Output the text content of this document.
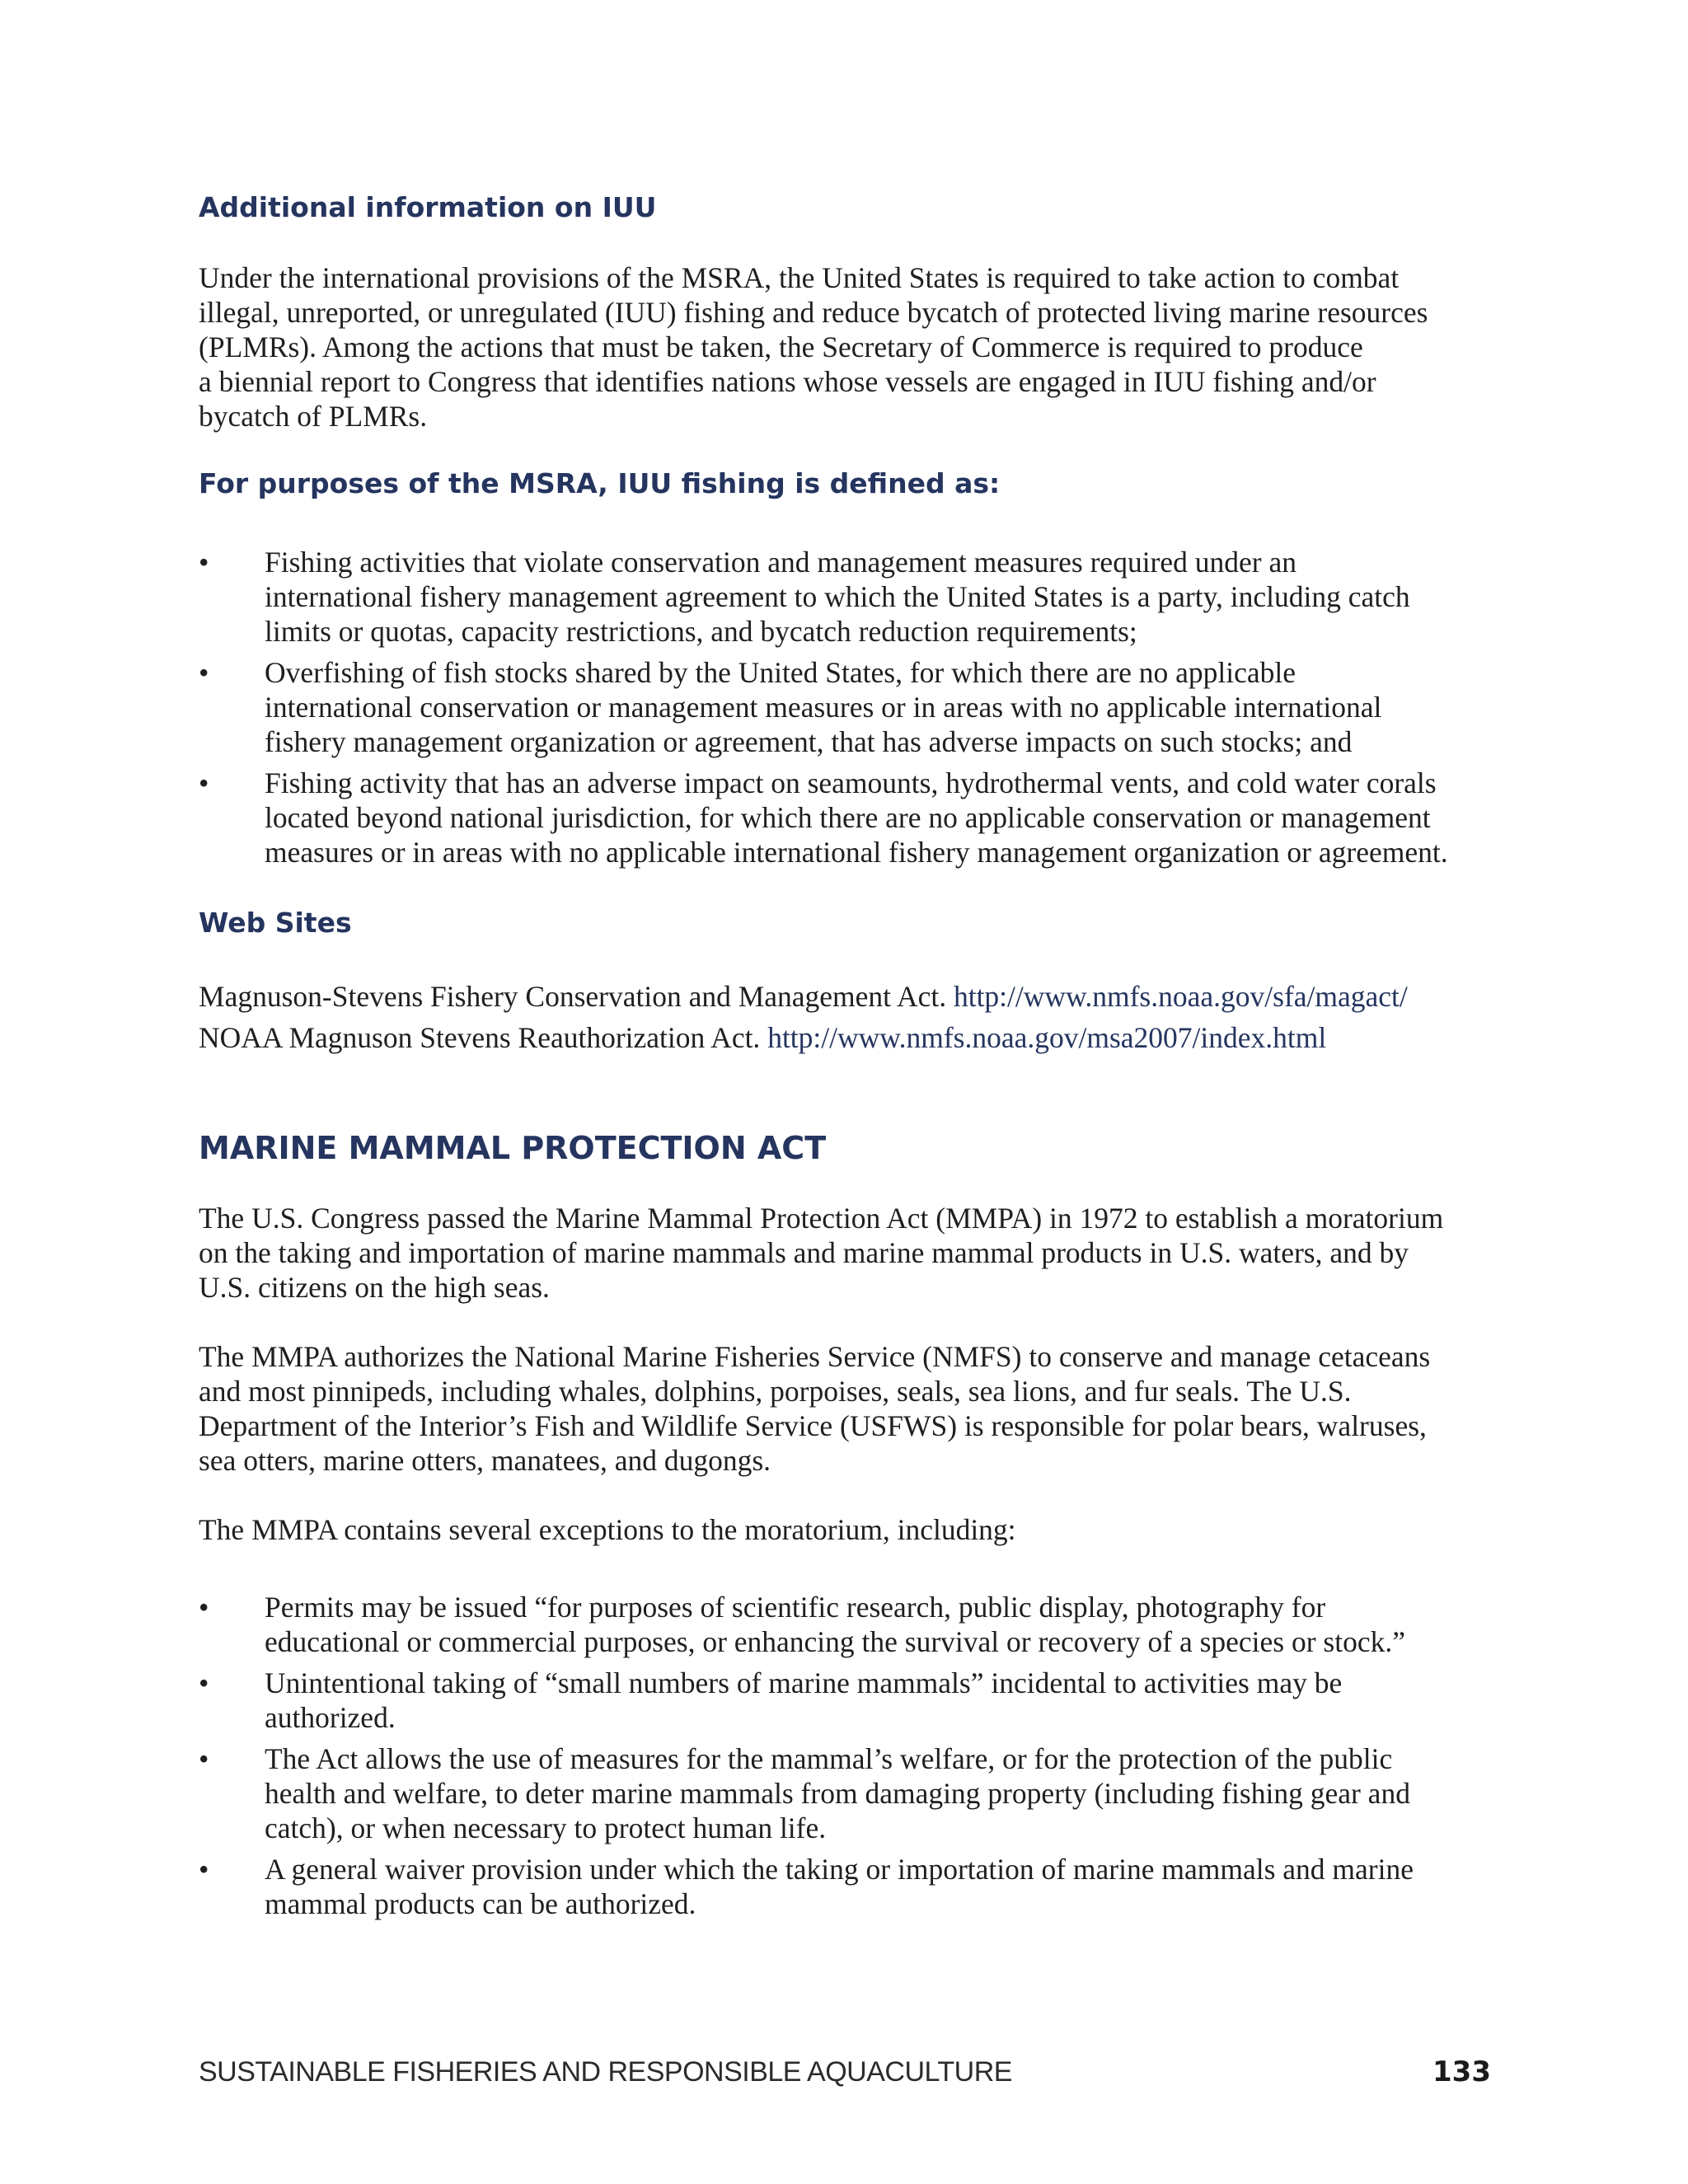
Additional information on IUU

Under the international provisions of the MSRA, the United States is required to take action to combat
illegal, unreported, or unregulated (IUU) fishing and reduce bycatch of protected living marine resources
(PLMRs). Among the actions that must be taken, the Secretary of Commerce is required to produce
a biennial report to Congress that identifies nations whose vessels are engaged in IUU fishing and/or
bycatch of PLMRs.

For purposes of the MSRA, IUU fishing is defined as:
• Fishing activities that violate conservation and management measures required under an
international fishery management agreement to which the United States is a party, including catch
limits or quotas, capacity restrictions, and bycatch reduction requirements;
• Overfishing of fish stocks shared by the United States, for which there are no applicable
international conservation or management measures or in areas with no applicable international
fishery management organization or agreement, that has adverse impacts on such stocks; and
• Fishing activity that has an adverse impact on seamounts, hydrothermal vents, and cold water corals
located beyond national jurisdiction, for which there are no applicable conservation or management
measures or in areas with no applicable international fishery management organization or agreement.
Web Sites

Magnuson-Stevens Fishery Conservation and Management Act. http://www.nmfs.noaa.gov/sfa/magact/
NOAA Magnuson Stevens Reauthorization Act. http://www.nmfs.noaa.gov/msa2007/index.html

MARINE MAMMAL PROTECTION ACT

The U.S. Congress passed the Marine Mammal Protection Act (MMPA) in 1972 to establish a moratorium
on the taking and importation of marine mammals and marine mammal products in U.S. waters, and by
U.S. citizens on the high seas.

The MMPA authorizes the National Marine Fisheries Service (NMFS) to conserve and manage cetaceans
and most pinnipeds, including whales, dolphins, porpoises, seals, sea lions, and fur seals. The U.S.
Department of the Interior’s Fish and Wildlife Service (USFWS) is responsible for polar bears, walruses,
sea otters, marine otters, manatees, and dugongs.

The MMPA contains several exceptions to the moratorium, including:

• Permits may be issued “for purposes of scientific research, public display, photography for
educational or commercial purposes, or enhancing the survival or recovery of a species or stock.”
• Unintentional taking of “small numbers of marine mammals” incidental to activities may be
authorized.
• The Act allows the use of measures for the mammal’s welfare, or for the protection of the public
health and welfare, to deter marine mammals from damaging property (including fishing gear and
catch), or when necessary to protect human life.
• A general waiver provision under which the taking or importation of marine mammals and marine
mammal products can be authorized.
SUSTAINABLE FISHERIES AND RESPONSIBLE AQUACULTURE	133
